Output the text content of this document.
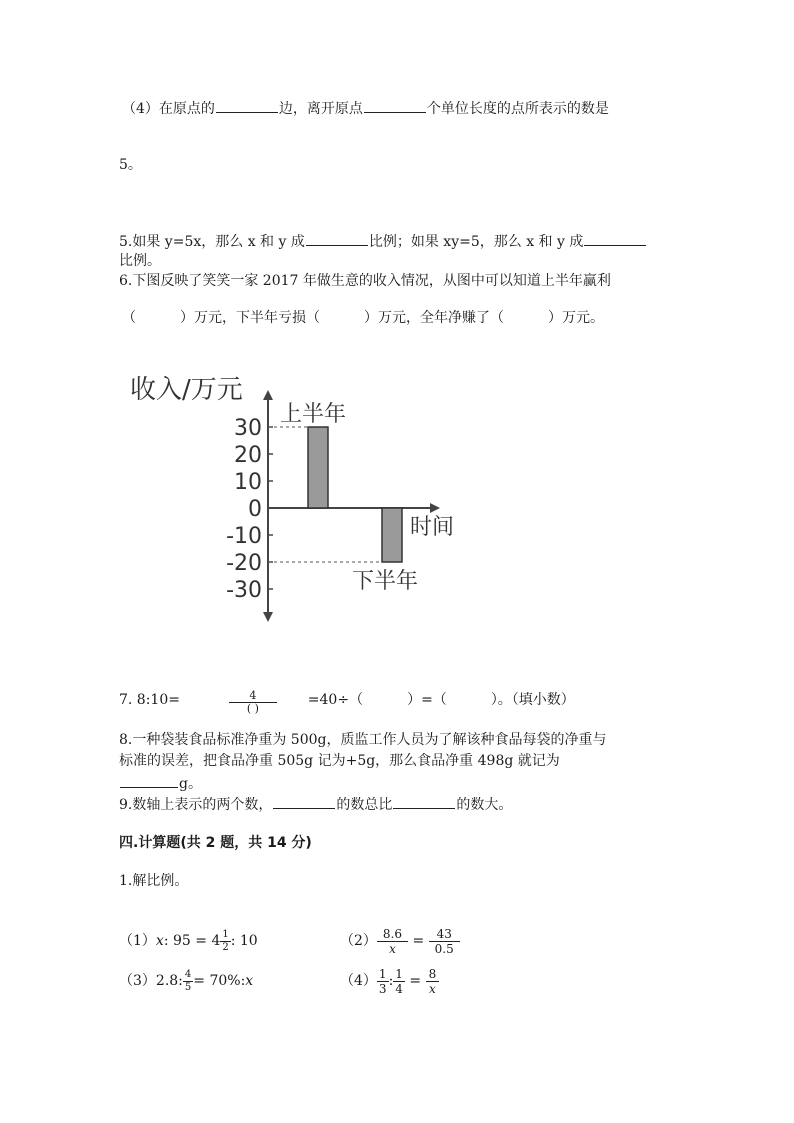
（4）在原点的	边，离开原点	个单位长度的点所表示的数是
5。
5.如果 y=5x，那么 x 和 y 成	比例；如果 xy=5，那么 x 和 y 成
比例。
6.下图反映了笑笑一家 2017 年做生意的收入情况，从图中可以知道上半年赢利
（	）万元，下半年亏损（	）万元，全年净赚了（	）万元。
收入/万元
时间
30
20
10
0
-10
-20
-30
上半年
下半年
7. 8:10=	$\frac{4}{( )} =40\div$（	）=（	）。（填小数）
8.一种袋装食品标准净重为 500g，质监工作人员为了解该种食品每袋的净重与
标准的误差，把食品净重 505g 记为+5g，那么食品净重 498g 就记为
g。
9.数轴上表示的两个数，	的数总比	的数大。
四.计算题(共 2 题，共 14 分)
1.解比例。
（1）x: $95 = 4 \frac{1}{2}$ : 10	$(2) \frac{8.6}{x} = \frac{43}{0.5}$
（3）2.8: $\frac{4}{5}$ = 70%:x	$(4) \frac{1}{3}$ : $\frac{1}{4} = \frac{8}{x}$
